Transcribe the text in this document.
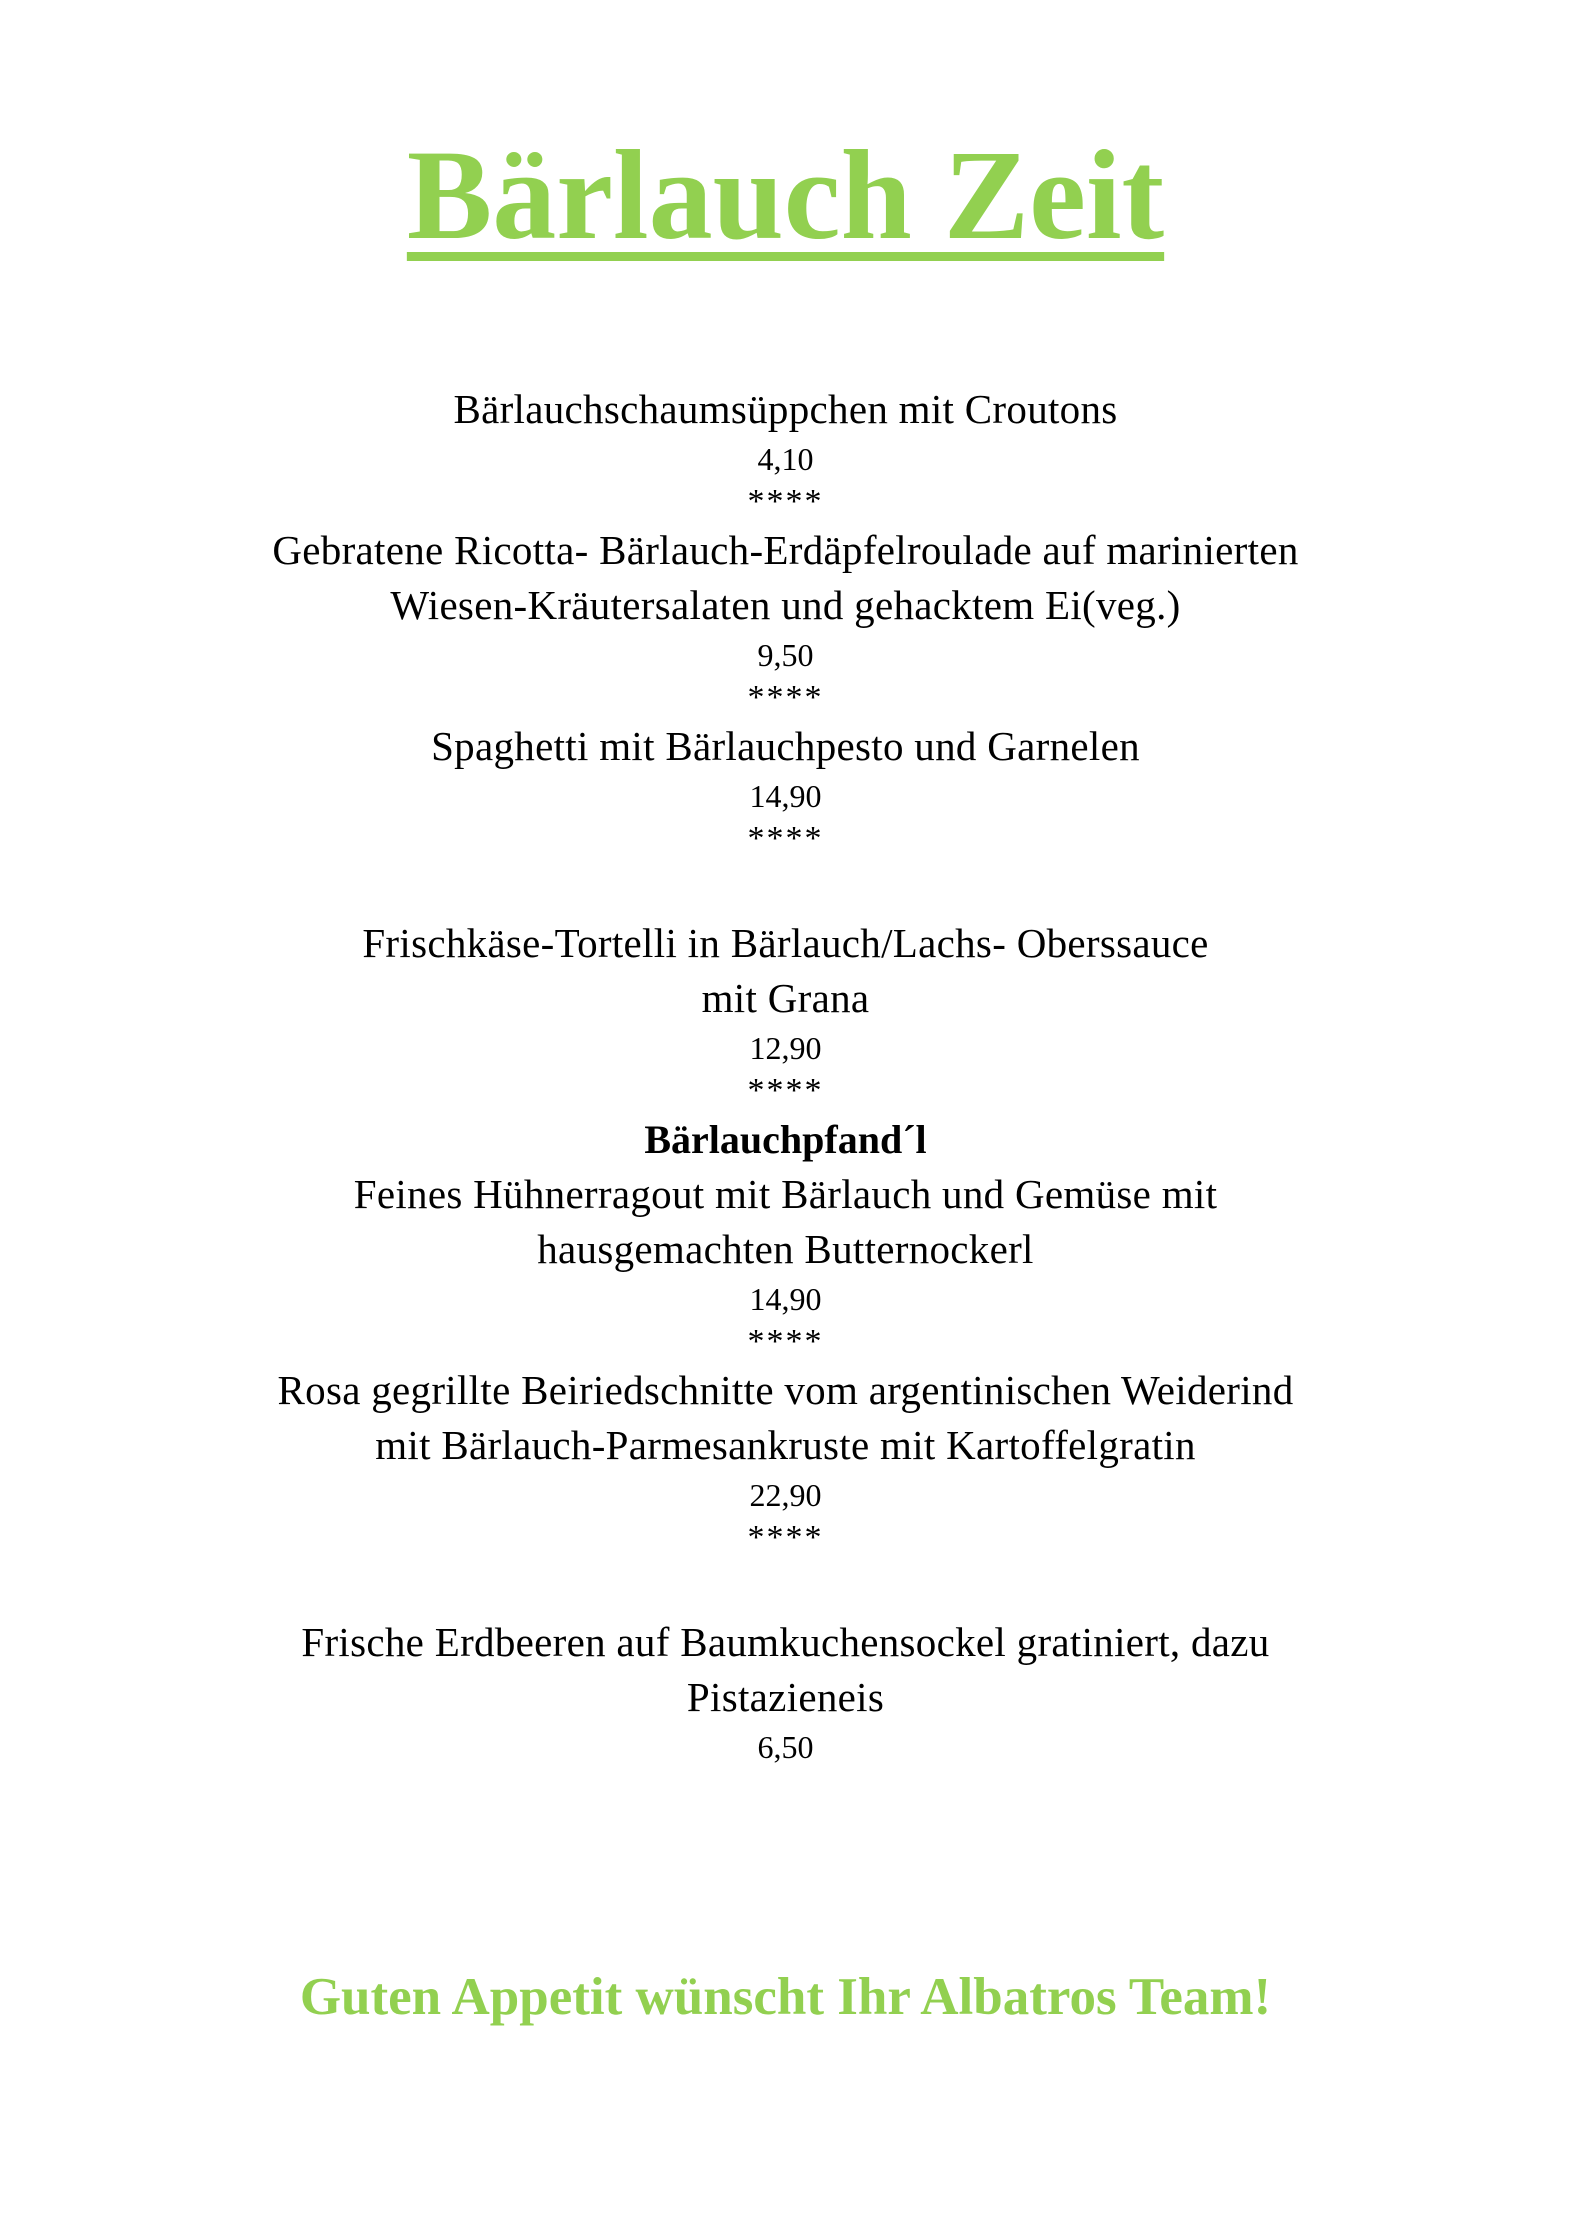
Bärlauch Zeit
Bärlauchschaumsüppchen mit Croutons
4,10
****
Gebratene Ricotta- Bärlauch-Erdäpfelroulade auf marinierten
Wiesen-Kräutersalaten und gehacktem Ei(veg.)
9,50
****
Spaghetti mit Bärlauchpesto und Garnelen
14,90
****
Frischkäse-Tortelli in Bärlauch/Lachs- Oberssauce
mit Grana
12,90
****
Bärlauchpfand´l
Feines Hühnerragout mit Bärlauch und Gemüse mit
hausgemachten Butternockerl
14,90
****
Rosa gegrillte Beiriedschnitte vom argentinischen Weiderind
mit Bärlauch-Parmesankruste mit Kartoffelgratin
22,90
****
Frische Erdbeeren auf Baumkuchensockel gratiniert, dazu
Pistazieneis
6,50
Guten Appetit wünscht Ihr Albatros Team!
